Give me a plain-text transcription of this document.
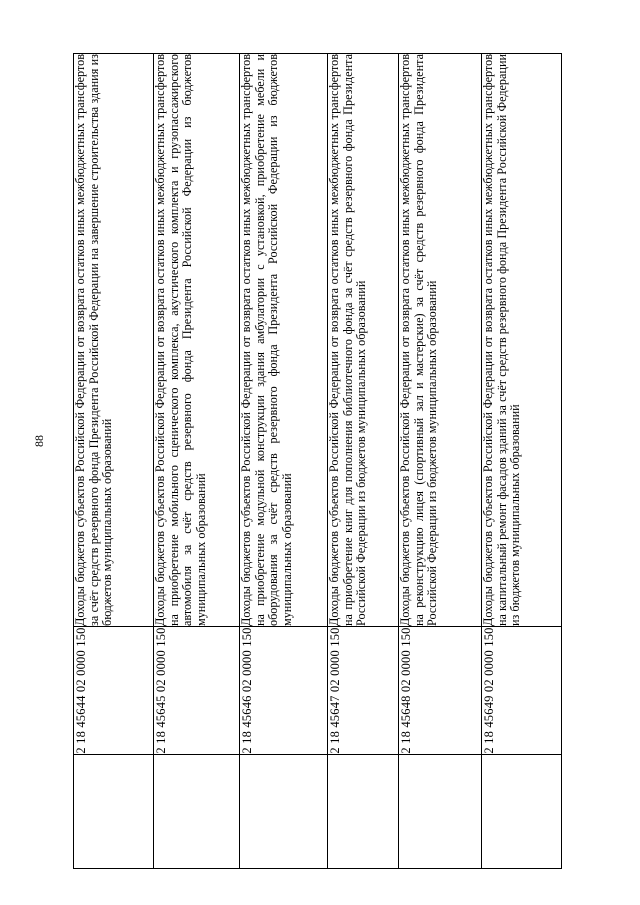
88
	2 18 45644 02 0000 150	Доходы бюджетов субъектов Российской Федерации от возврата остатков иных межбюджетных трансфертов за счёт средств резервного фонда Президента Российской Федерации на завершение строительства здания из бюджетов муниципальных образований
	2 18 45645 02 0000 150	Доходы бюджетов субъектов Российской Федерации от возврата остатков иных межбюджетных трансфертов на приобретение мобильного сценического комплекса, акустического комплекта и грузопассажирского автомобиля за счёт средств резервного фонда Президента Российской Федерации из бюджетов муниципальных образований
	2 18 45646 02 0000 150	Доходы бюджетов субъектов Российской Федерации от возврата остатков иных межбюджетных трансфертов на приобретение модульной конструкции здания амбулатории с установкой, приобретение мебели и оборудования за счёт средств резервного фонда Президента Российской Федерации из бюджетов муниципальных образований
	2 18 45647 02 0000 150	Доходы бюджетов субъектов Российской Федерации от возврата остатков иных межбюджетных трансфертов на приобретение книг для пополнения библиотечного фонда за счёт средств резервного фонда Президента Российской Федерации из бюджетов муниципальных образований
	2 18 45648 02 0000 150	Доходы бюджетов субъектов Российской Федерации от возврата остатков иных межбюджетных трансфертов на реконструкцию лицея (спортивный зал и мастерские) за счёт средств резервного фонда Президента Российской Федерации из бюджетов муниципальных образований
	2 18 45649 02 0000 150	Доходы бюджетов субъектов Российской Федерации от возврата остатков иных межбюджетных трансфертов на капитальный ремонт фасадов зданий за счёт средств резервного фонда Президента Российской Федерации из бюджетов муниципальных образований
